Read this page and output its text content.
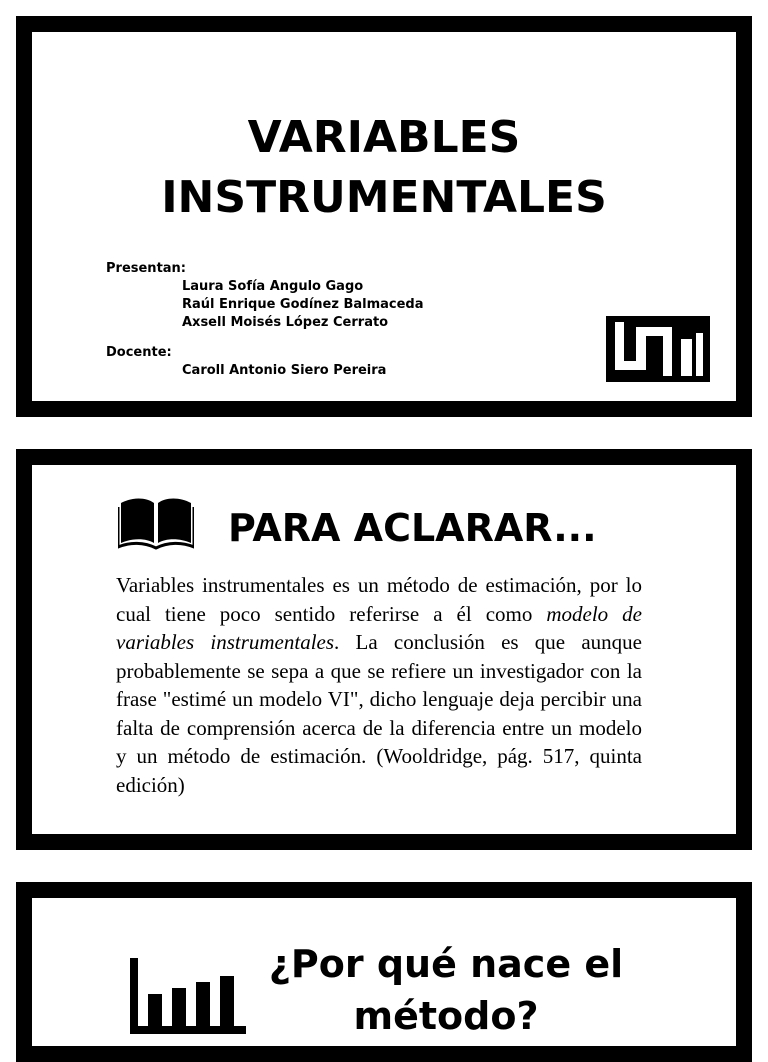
VARIABLES
INSTRUMENTALES
Presentan:
Laura Sofía Angulo Gago
Raúl Enrique Godínez Balmaceda
Axsell Moisés López Cerrato
Docente:
Caroll Antonio Siero Pereira
PARA ACLARAR...
Variables instrumentales es un método de estimación, por lo cual tiene poco sentido referirse a él como modelo de variables instrumentales. La conclusión es que aunque probablemente se sepa a que se refiere un investigador con la frase "estimé un modelo VI", dicho lenguaje deja percibir una falta de comprensión acerca de la diferencia entre un modelo y un método de estimación. (Wooldridge, pág. 517, quinta edición)
¿Por qué nace el
método?
